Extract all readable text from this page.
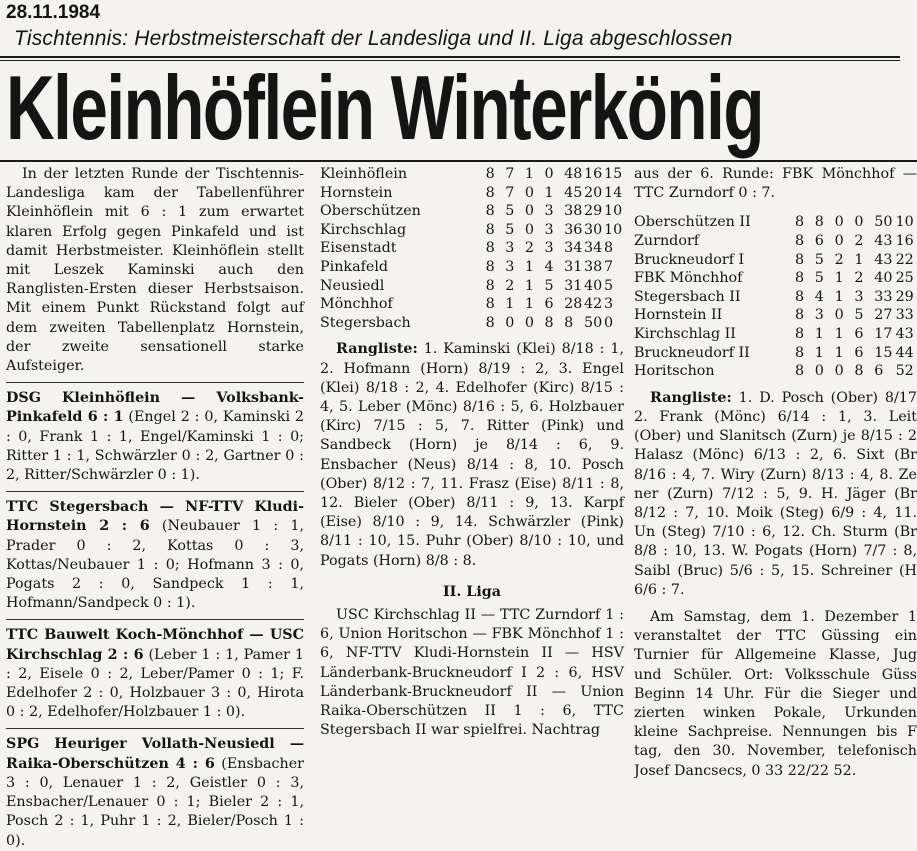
28.11.1984
Tischtennis: Herbstmeisterschaft der Landesliga und II. Liga abgeschlossen
Kleinhöflein Winterkönig

In der letzten Runde der Tischtennis-Landesliga kam der Tabellenführer Kleinhöflein mit 6 : 1 zum erwartet klaren Erfolg gegen Pinkafeld und ist damit Herbstmeister. Kleinhöflein stellt mit Leszek Kaminski auch den Ranglisten-Ersten dieser Herbstsaison. Mit einem Punkt Rückstand folgt auf dem zweiten Tabellenplatz Hornstein, der zweite sensationell starke Aufsteiger.

DSG Kleinhöflein — Volksbank-Pinkafeld 6 : 1 (Engel 2 : 0, Kaminski 2 : 0, Frank 1 : 1, Engel/Kaminski 1 : 0; Ritter 1 : 1, Schwärzler 0 : 2, Gartner 0 : 2, Ritter/Schwärzler 0 : 1).

TTC Stegersbach — NF-TTV Kludi-Hornstein 2 : 6 (Neubauer 1 : 1, Prader 0 : 2, Kottas 0 : 3, Kottas/Neubauer 1 : 0; Hofmann 3 : 0, Pogats 2 : 0, Sandpeck 1 : 1, Hofmann/Sandpeck 0 : 1).

TTC Bauwelt Koch-Mönchhof — USC Kirchschlag 2 : 6 (Leber 1 : 1, Pamer 1 : 2, Eisele 0 : 2, Leber/Pamer 0 : 1; F. Edelhofer 2 : 0, Holzbauer 3 : 0, Hirota 0 : 2, Edelhofer/Holzbauer 1 : 0).

SPG Heuriger Vollath-Neusiedl — Raika-Oberschützen 4 : 6 (Ensbacher 3 : 0, Lenauer 1 : 2, Geistler 0 : 3, Ensbacher/Lenauer 0 : 1; Bieler 2 : 1, Posch 2 : 1, Puhr 1 : 2, Bieler/Posch 1 : 0).

Kleinhöflein	8	7	1	0	48	16	15
Hornstein	8	7	0	1	45	20	14
Oberschützen	8	5	0	3	38	29	10
Kirchschlag	8	5	0	3	36	30	10
Eisenstadt	8	3	2	3	34	34	8
Pinkafeld	8	3	1	4	31	38	7
Neusiedl	8	2	1	5	31	40	5
Mönchhof	8	1	1	6	28	42	3
Stegersbach	8	0	0	8	8	50	0

Rangliste: 1. Kaminski (Klei) 8/18 : 1, 2. Hofmann (Horn) 8/19 : 2, 3. Engel (Klei) 8/18 : 2, 4. Edelhofer (Kirc) 8/15 : 4, 5. Leber (Mönc) 8/16 : 5, 6. Holzbauer (Kirc) 7/15 : 5, 7. Ritter (Pink) und Sandbeck (Horn) je 8/14 : 6, 9. Ensbacher (Neus) 8/14 : 8, 10. Posch (Ober) 8/12 : 7, 11. Frasz (Eise) 8/11 : 8, 12. Bieler (Ober) 8/11 : 9, 13. Karpf (Eise) 8/10 : 9, 14. Schwärzler (Pink) 8/11 : 10, 15. Puhr (Ober) 8/10 : 10, und Pogats (Horn) 8/8 : 8.

II. Liga

USC Kirchschlag II — TTC Zurndorf 1 : 6, Union Horitschon — FBK Mönchhof 1 : 6, NF-TTV Kludi-Hornstein II — HSV Länderbank-Bruckneudorf I 2 : 6, HSV Länderbank-Bruckneudorf II — Union Raika-Oberschützen II 1 : 6, TTC Stegersbach II war spielfrei. Nachtrag

aus der 6. Runde: FBK Mönchhof — TTC Zurndorf 0 : 7.

Oberschützen II	8	8	0	0	50	10
Zurndorf	8	6	0	2	43	16
Bruckneudorf I	8	5	2	1	43	22
FBK Mönchhof	8	5	1	2	40	25
Stegersbach II	8	4	1	3	33	29
Hornstein II	8	3	0	5	27	33
Kirchschlag II	8	1	1	6	17	43
Bruckneudorf II	8	1	1	6	15	44
Horitschon	8	0	0	8	6	52

Rangliste: 1. D. Posch (Ober) 8/17 2. Frank (Mönc) 6/14 : 1, 3. Leit (Ober) und Slanitsch (Zurn) je 8/15 : 2 Halasz (Mönc) 6/13 : 2, 6. Sixt (Br 8/16 : 4, 7. Wiry (Zurn) 8/13 : 4, 8. Ze ner (Zurn) 7/12 : 5, 9. H. Jäger (Br 8/12 : 7, 10. Moik (Steg) 6/9 : 4, 11. Un (Steg) 7/10 : 6, 12. Ch. Sturm (Br 8/8 : 10, 13. W. Pogats (Horn) 7/7 : 8, Saibl (Bruc) 5/6 : 5, 15. Schreiner (H 6/6 : 7.

Am Samstag, dem 1. Dezember 1 veranstaltet der TTC Güssing ein Turnier für Allgemeine Klasse, Jug und Schüler. Ort: Volksschule Güss Beginn 14 Uhr. Für die Sieger und zierten winken Pokale, Urkunden kleine Sachpreise. Nennungen bis F tag, den 30. November, telefonisch Josef Dancsecs, 0 33 22/22 52.
